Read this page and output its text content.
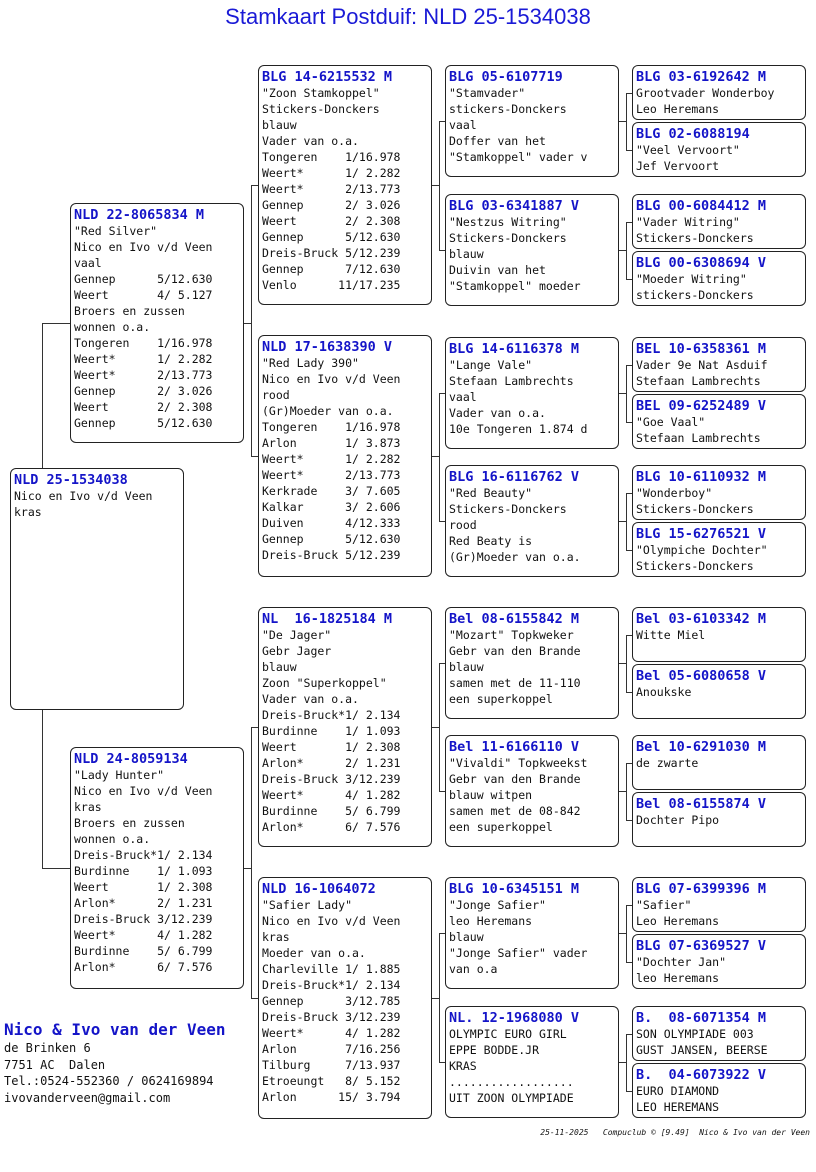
Stamkaart Postduif: NLD 25-1534038
NLD 25-1534038
Nico en Ivo v/d Veen
kras
NLD 22-8065834 M
"Red Silver"
Nico en Ivo v/d Veen
vaal
Gennep      5/12.630
Weert       4/ 5.127
Broers en zussen
wonnen o.a.
Tongeren    1/16.978
Weert*      1/ 2.282
Weert*      2/13.773
Gennep      2/ 3.026
Weert       2/ 2.308
Gennep      5/12.630
NLD 24-8059134
"Lady Hunter"
Nico en Ivo v/d Veen
kras
Broers en zussen
wonnen o.a.
Dreis-Bruck*1/ 2.134
Burdinne    1/ 1.093
Weert       1/ 2.308
Arlon*      2/ 1.231
Dreis-Bruck 3/12.239
Weert*      4/ 1.282
Burdinne    5/ 6.799
Arlon*      6/ 7.576
BLG 14-6215532 M
"Zoon Stamkoppel"
Stickers-Donckers
blauw
Vader van o.a.
Tongeren    1/16.978
Weert*      1/ 2.282
Weert*      2/13.773
Gennep      2/ 3.026
Weert       2/ 2.308
Gennep      5/12.630
Dreis-Bruck 5/12.239
Gennep      7/12.630
Venlo      11/17.235
NLD 17-1638390 V
"Red Lady 390"
Nico en Ivo v/d Veen
rood
(Gr)Moeder van o.a.
Tongeren    1/16.978
Arlon       1/ 3.873
Weert*      1/ 2.282
Weert*      2/13.773
Kerkrade    3/ 7.605
Kalkar      3/ 2.606
Duiven      4/12.333
Gennep      5/12.630
Dreis-Bruck 5/12.239
NL  16-1825184 M
"De Jager"
Gebr Jager
blauw
Zoon "Superkoppel"
Vader van o.a.
Dreis-Bruck*1/ 2.134
Burdinne    1/ 1.093
Weert       1/ 2.308
Arlon*      2/ 1.231
Dreis-Bruck 3/12.239
Weert*      4/ 1.282
Burdinne    5/ 6.799
Arlon*      6/ 7.576
NLD 16-1064072
"Safier Lady"
Nico en Ivo v/d Veen
kras
Moeder van o.a.
Charleville 1/ 1.885
Dreis-Bruck*1/ 2.134
Gennep      3/12.785
Dreis-Bruck 3/12.239
Weert*      4/ 1.282
Arlon       7/16.256
Tilburg     7/13.937
Etroeungt   8/ 5.152
Arlon      15/ 3.794
BLG 05-6107719
"Stamvader"
stickers-Donckers
vaal
Doffer van het
"Stamkoppel" vader v
BLG 03-6341887 V
"Nestzus Witring"
Stickers-Donckers
blauw
Duivin van het
"Stamkoppel" moeder
BLG 14-6116378 M
"Lange Vale"
Stefaan Lambrechts
vaal
Vader van o.a.
10e Tongeren 1.874 d
BLG 16-6116762 V
"Red Beauty"
Stickers-Donckers
rood
Red Beaty is
(Gr)Moeder van o.a.
Bel 08-6155842 M
"Mozart" Topkweker
Gebr van den Brande
blauw
samen met de 11-110
een superkoppel
Bel 11-6166110 V
"Vivaldi" Topkweekst
Gebr van den Brande
blauw witpen
samen met de 08-842
een superkoppel
BLG 10-6345151 M
"Jonge Safier"
leo Heremans
blauw
"Jonge Safier" vader
van o.a
NL. 12-1968080 V
OLYMPIC EURO GIRL
EPPE BODDE.JR
KRAS
..................
UIT ZOON OLYMPIADE
BLG 03-6192642 M
Grootvader Wonderboy
Leo Heremans
BLG 02-6088194
"Veel Vervoort"
Jef Vervoort
BLG 00-6084412 M
"Vader Witring"
Stickers-Donckers
BLG 00-6308694 V
"Moeder Witring"
stickers-Donckers
BEL 10-6358361 M
Vader 9e Nat Asduif
Stefaan Lambrechts
BEL 09-6252489 V
"Goe Vaal"
Stefaan Lambrechts
BLG 10-6110932 M
"Wonderboy"
Stickers-Donckers
BLG 15-6276521 V
"Olympiche Dochter"
Stickers-Donckers
Bel 03-6103342 M
Witte Miel
Bel 05-6080658 V
Anoukske
Bel 10-6291030 M
de zwarte
Bel 08-6155874 V
Dochter Pipo
BLG 07-6399396 M
"Safier"
Leo Heremans
BLG 07-6369527 V
"Dochter Jan"
leo Heremans
B.  08-6071354 M
SON OLYMPIADE 003
GUST JANSEN, BEERSE
B.  04-6073922 V
EURO DIAMOND
LEO HEREMANS
Nico & Ivo van der Veen
de Brinken 6
7751 AC  Dalen
Tel.:0524-552360 / 0624169894
ivovanderveen@gmail.com
25-11-2025   Compuclub © [9.49]  Nico & Ivo van der Veen
